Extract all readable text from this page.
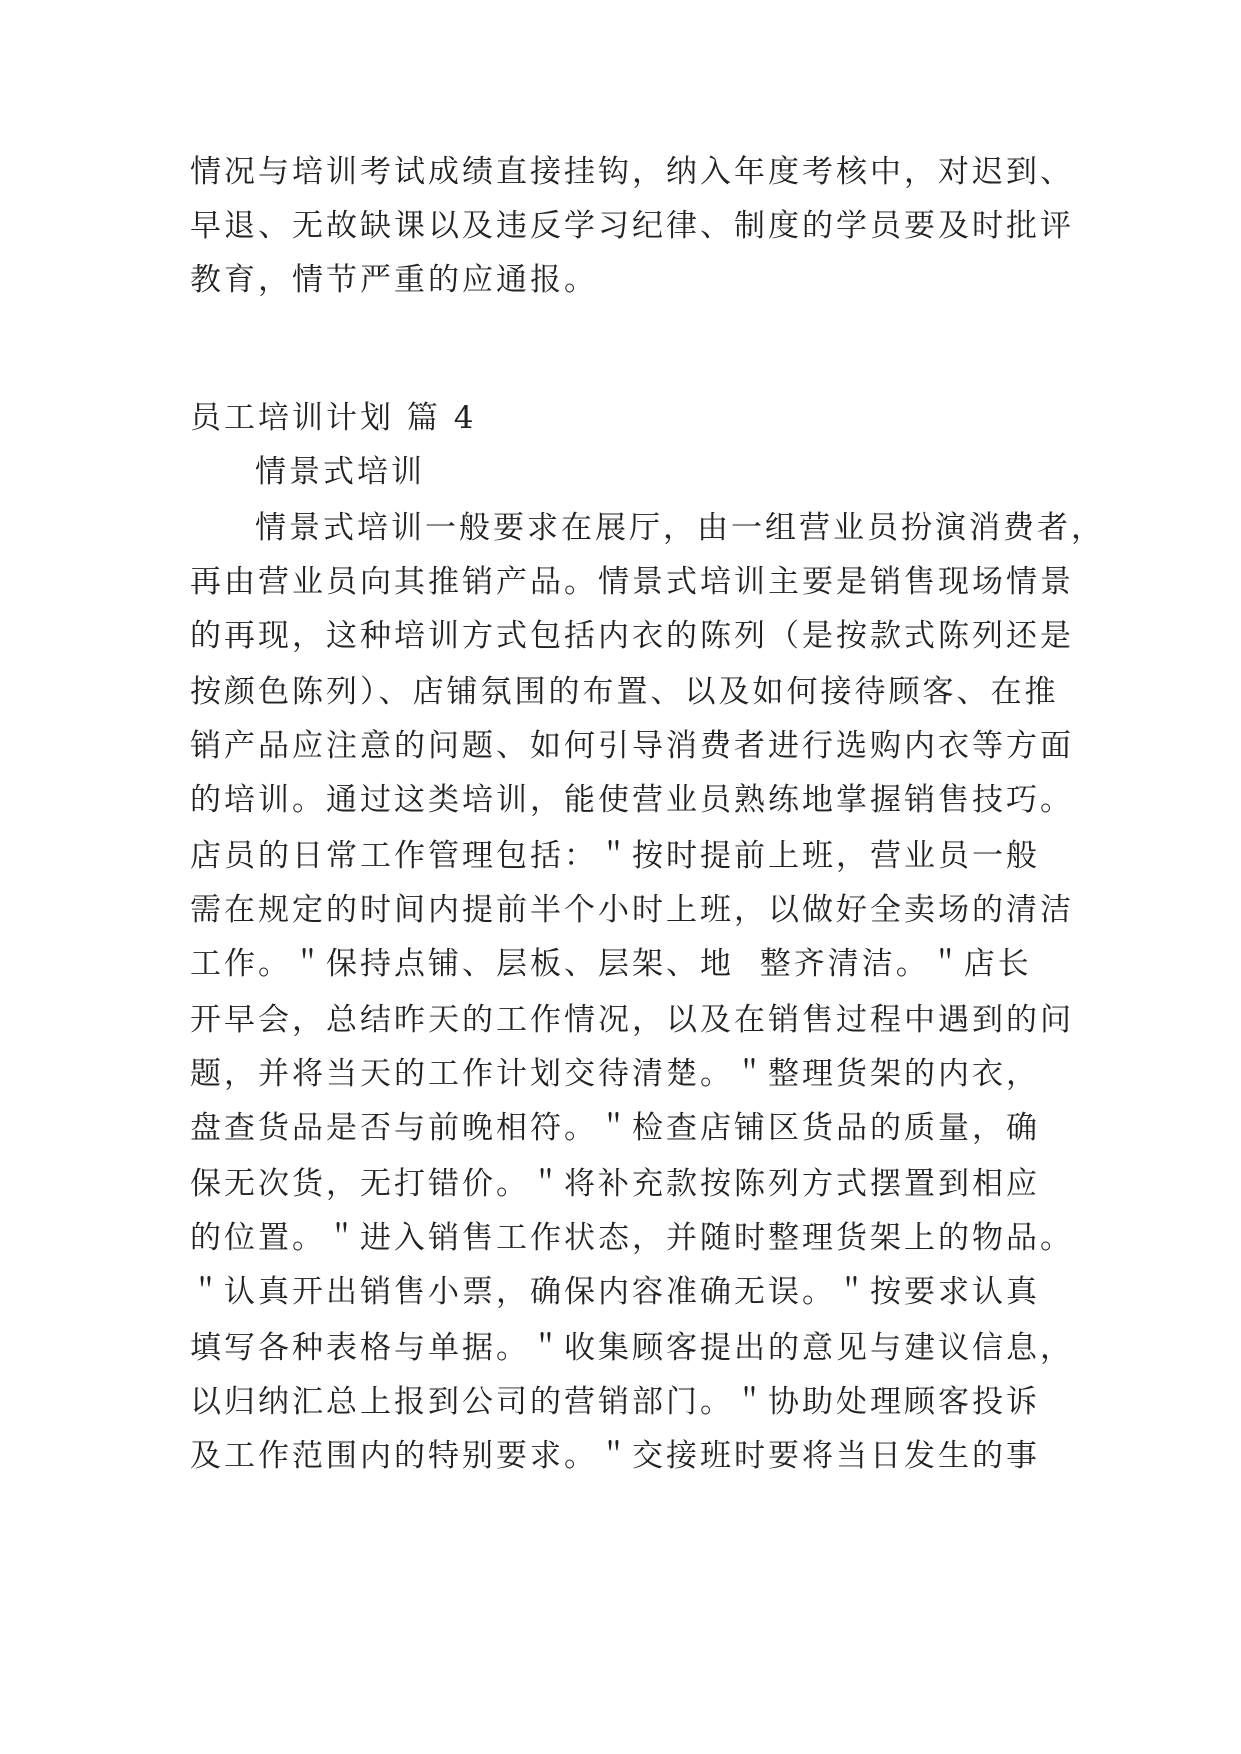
情况与培训考试成绩直接挂钩，纳入年度考核中，对迟到、
早退、无故缺课以及违反学习纪律、制度的学员要及时批评
教育，情节严重的应通报。
员工培训计划 篇 4
情景式培训
情景式培训一般要求在展厅，由一组营业员扮演消费者，
再由营业员向其推销产品。情景式培训主要是销售现场情景
的再现，这种培训方式包括内衣的陈列（是按款式陈列还是
按颜色陈列）、店铺氛围的布置、以及如何接待顾客、在推
销产品应注意的问题、如何引导消费者进行选购内衣等方面
的培训。通过这类培训，能使营业员熟练地掌握销售技巧。
店员的日常工作管理包括：＂按时提前上班，营业员一般
需在规定的时间内提前半个小时上班，以做好全卖场的清洁
工作。＂保持点铺、层板、层架、地  整齐清洁。＂店长
开早会，总结昨天的工作情况，以及在销售过程中遇到的问
题，并将当天的工作计划交待清楚。＂整理货架的内衣，
盘查货品是否与前晚相符。＂检查店铺区货品的质量，确
保无次货，无打错价。＂将补充款按陈列方式摆置到相应
的位置。＂进入销售工作状态，并随时整理货架上的物品。
＂认真开出销售小票，确保内容准确无误。＂按要求认真
填写各种表格与单据。＂收集顾客提出的意见与建议信息，
以归纳汇总上报到公司的营销部门。＂协助处理顾客投诉
及工作范围内的特别要求。＂交接班时要将当日发生的事
